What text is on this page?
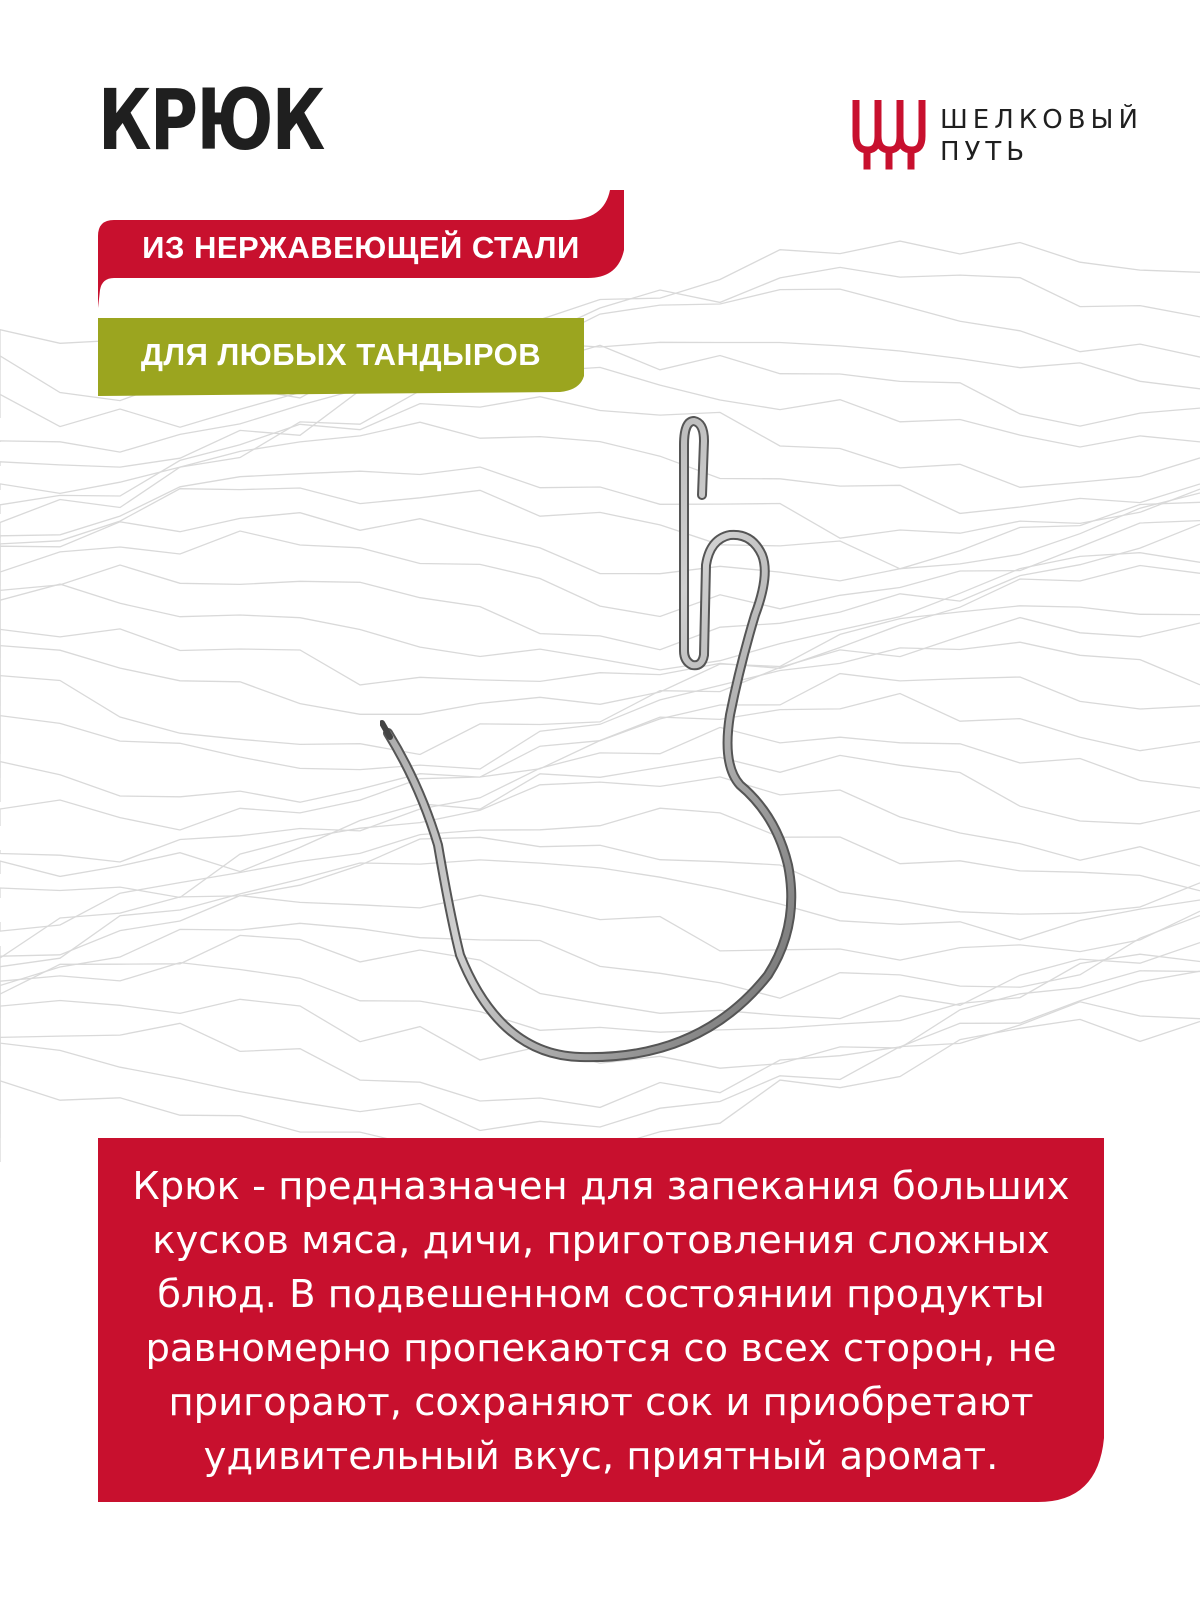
КРЮК	ШЕЛКОВЫЙ
ПУТЬ
ИЗ НЕРЖАВЕЮЩЕЙ СТАЛИ
ДЛЯ ЛЮБЫХ ТАНДЫРОВ
Крюк - предназначен для запекания больших кусков мяса, дичи, приготовления сложных блюд. В подвешенном состоянии продукты равномерно пропекаются со всех сторон, не пригорают, сохраняют сок и приобретают удивительный вкус, приятный аромат.
